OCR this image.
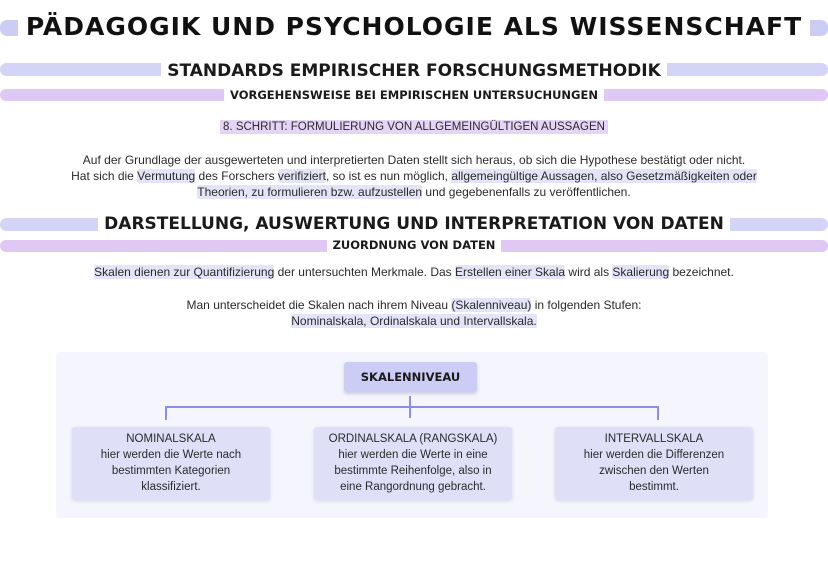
PÄDAGOGIK UND PSYCHOLOGIE ALS WISSENSCHAFT
STANDARDS EMPIRISCHER FORSCHUNGSMETHODIK
VORGEHENSWEISE BEI EMPIRISCHEN UNTERSUCHUNGEN
8. SCHRITT: FORMULIERUNG VON ALLGEMEINGÜLTIGEN AUSSAGEN
Auf der Grundlage der ausgewerteten und interpretierten Daten stellt sich heraus, ob sich die Hypothese bestätigt oder nicht.
Hat sich die Vermutung des Forschers verifiziert, so ist es nun möglich, allgemeingültige Aussagen, also Gesetzmäßigkeiten oder
Theorien, zu formulieren bzw. aufzustellen und gegebenenfalls zu veröffentlichen.
DARSTELLUNG, AUSWERTUNG UND INTERPRETATION VON DATEN
ZUORDNUNG VON DATEN
Skalen dienen zur Quantifizierung der untersuchten Merkmale. Das Erstellen einer Skala wird als Skalierung bezeichnet.
Man unterscheidet die Skalen nach ihrem Niveau (Skalenniveau) in folgenden Stufen:
Nominalskala, Ordinalskala und Intervallskala.
SKALENNIVEAU
NOMINALSKALA
hier werden die Werte nach
bestimmten Kategorien
klassifiziert.
ORDINALSKALA (RANGSKALA)
hier werden die Werte in eine
bestimmte Reihenfolge, also in
eine Rangordnung gebracht.
INTERVALLSKALA
hier werden die Differenzen
zwischen den Werten
bestimmt.
